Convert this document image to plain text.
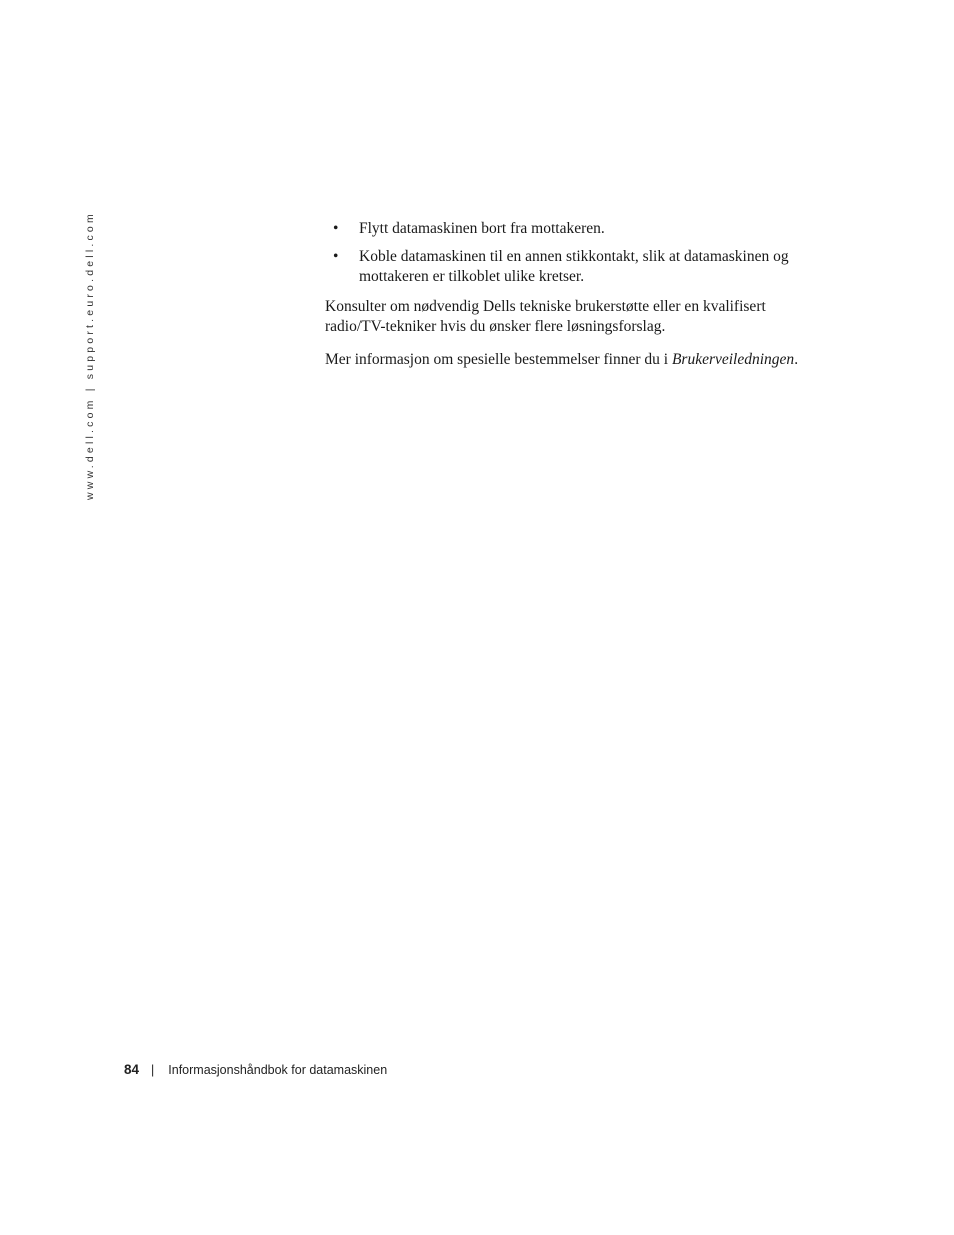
www.dell.com | support.euro.dell.com	• Flytt datamaskinen bort fra mottakeren.
• Koble datamaskinen til en annen stikkontakt, slik at datamaskinen og mottakeren er tilkoblet ulike kretser.

Konsulter om nødvendig Dells tekniske brukerstøtte eller en kvalifisert radio/TV-tekniker hvis du ønsker flere løsningsforslag.

Mer informasjon om spesielle bestemmelser finner du i Brukerveiledningen.

84 | Informasjonshåndbok for datamaskinen
